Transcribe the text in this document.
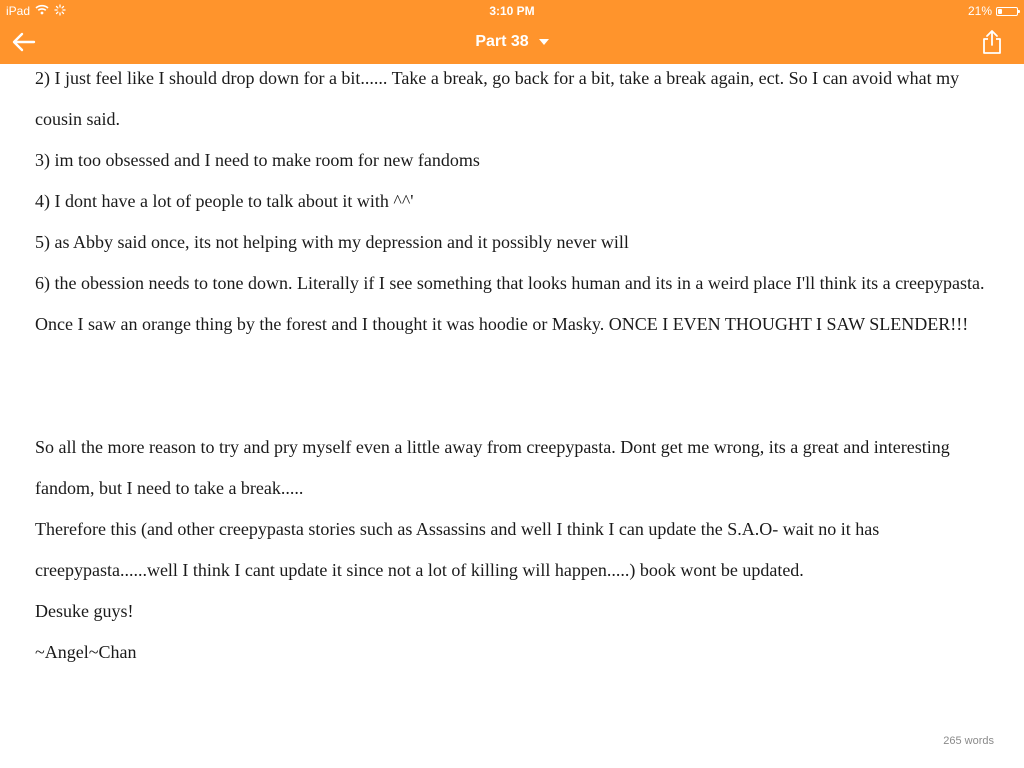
iPad	3:10 PM	21%
Part 38

2) I just feel like I should drop down for a bit...... Take a break, go back for a bit, take a break again, ect. So I can avoid what my cousin said.

3) im too obsessed and I need to make room for new fandoms

4) I dont have a lot of people to talk about it with ^^'

5) as Abby said once, its not helping with my depression and it possibly never will

6) the obession needs to tone down. Literally if I see something that looks human and its in a weird place I'll think its a creepypasta. Once I saw an orange thing by the forest and I thought it was hoodie or Masky. ONCE I EVEN THOUGHT I SAW SLENDER!!!

So all the more reason to try and pry myself even a little away from creepypasta. Dont get me wrong, its a great and interesting fandom, but I need to take a break.....

Therefore this (and other creepypasta stories such as Assassins and well I think I can update the S.A.O- wait no it has creepypasta......well I think I cant update it since not a lot of killing will happen.....) book wont be updated.

Desuke guys!

~Angel~Chan

265 words
